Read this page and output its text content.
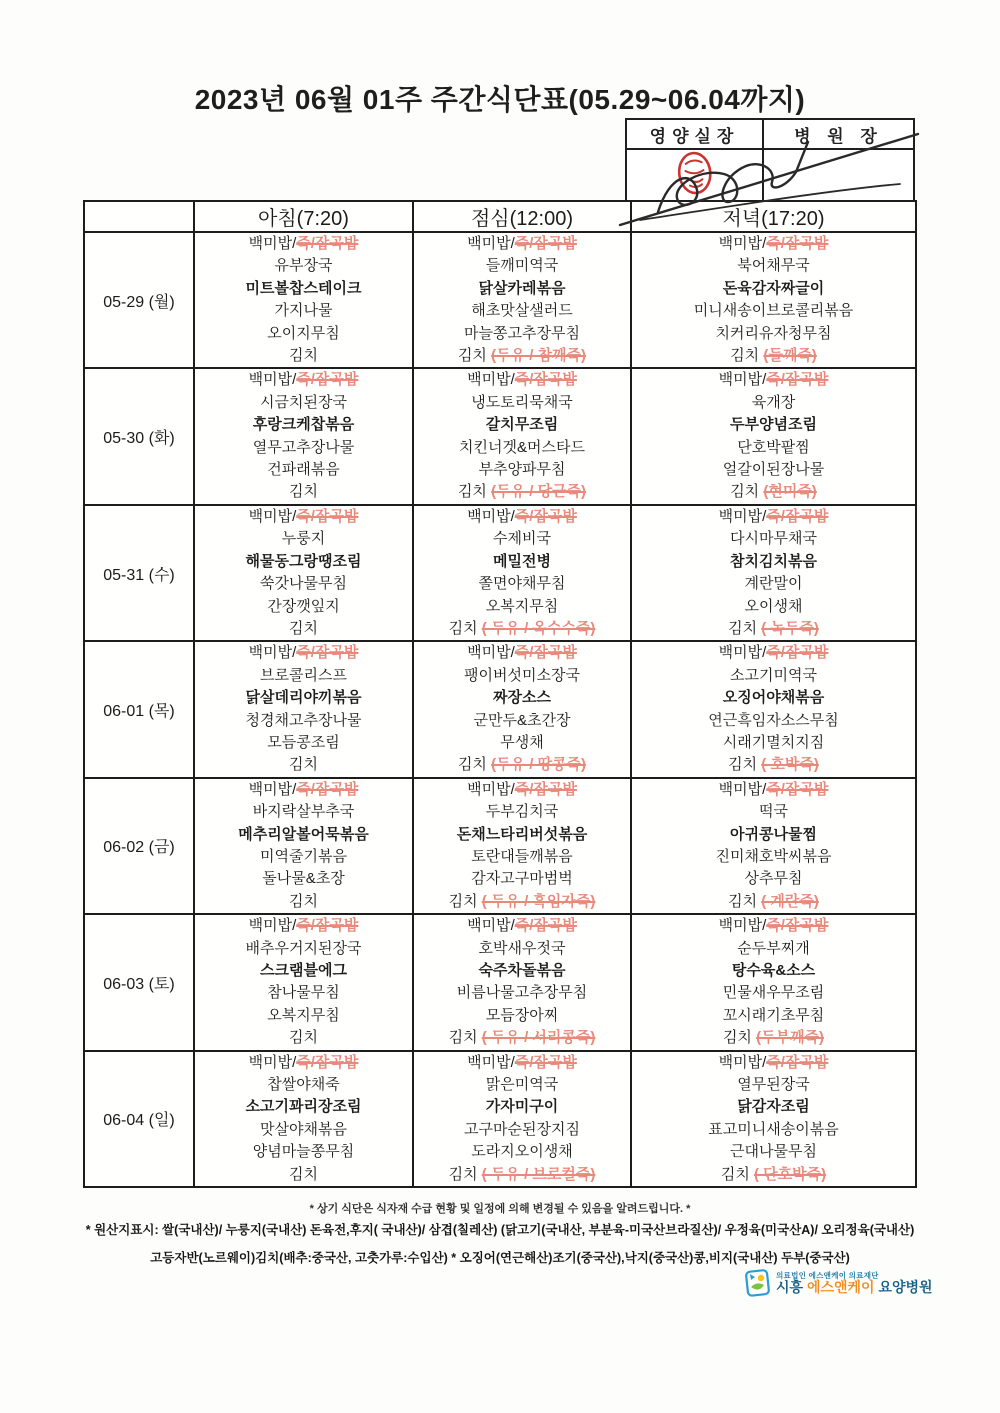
2023년 06월 01주 주간식단표(05.29~06.04까지)
영양실장	병 원 장

	아침(7:20)	점심(12:00)	저녁(17:20)
05-29 (월)	
백미밥/죽/잡곡밥
유부장국
미트볼찹스테이크
가지나물
오이지무침
김치

백미밥/죽/잡곡밥
들깨미역국
닭살카레볶음
해초맛살샐러드
마늘쫑고추장무침
김치 (두유 / 참깨죽)

백미밥/죽/잡곡밥
북어채무국
돈육감자짜글이
미니새송이브로콜리볶음
치커리유자청무침
김치 (들깨죽)

05-30 (화)	
백미밥/죽/잡곡밥
시금치된장국
후랑크케찹볶음
열무고추장나물
건파래볶음
김치

백미밥/죽/잡곡밥
냉도토리묵채국
갈치무조림
치킨너겟&머스타드
부추양파무침
김치 (두유 / 당근죽)

백미밥/죽/잡곡밥
육개장
두부양념조림
단호박팥찜
얼갈이된장나물
김치 (현미죽)

05-31 (수)	
백미밥/죽/잡곡밥
누룽지
해물동그랑땡조림
쑥갓나물무침
간장깻잎지
김치

백미밥/죽/잡곡밥
수제비국
메밀전병
쫄면야채무침
오복지무침
김치 ( 두유 / 옥수수죽)

백미밥/죽/잡곡밥
다시마무채국
참치김치볶음
계란말이
오이생채
김치 ( 녹두죽)

06-01 (목)	
백미밥/죽/잡곡밥
브로콜리스프
닭살데리야끼볶음
청경채고추장나물
모듬콩조림
김치

백미밥/죽/잡곡밥
팽이버섯미소장국
짜장소스
군만두&초간장
무생채
김치 (두유 / 땅콩죽)

백미밥/죽/잡곡밥
소고기미역국
오징어야채볶음
연근흑임자소스무침
시래기멸치지짐
김치 ( 호박죽)

06-02 (금)	
백미밥/죽/잡곡밥
바지락살부추국
메추리알볼어묵볶음
미역줄기볶음
돌나물&초장
김치

백미밥/죽/잡곡밥
두부김치국
돈채느타리버섯볶음
토란대들깨볶음
감자고구마범벅
김치 ( 두유 / 흑임자죽)

백미밥/죽/잡곡밥
떡국
아귀콩나물찜
진미채호박씨볶음
상추무침
김치 ( 계란죽)

06-03 (토)	
백미밥/죽/잡곡밥
배추우거지된장국
스크램블에그
참나물무침
오복지무침
김치

백미밥/죽/잡곡밥
호박새우젓국
숙주차돌볶음
비름나물고추장무침
모듬장아찌
김치 ( 두유 / 서리콩죽)

백미밥/죽/잡곡밥
순두부찌개
탕수육&소스
민물새우무조림
꼬시래기초무침
김치 (두부깨죽)

06-04 (일)	
백미밥/죽/잡곡밥
찹쌀야채죽
소고기꽈리장조림
맛살야채볶음
양념마늘쫑무침
김치

백미밥/죽/잡곡밥
맑은미역국
가자미구이
고구마순된장지짐
도라지오이생채
김치 ( 두유 / 브로컬죽)

백미밥/죽/잡곡밥
열무된장국
닭감자조림
표고미니새송이볶음
근대나물무침
김치 ( 단호박죽)
* 상기 식단은 식자재 수급 현황 및 일정에 의해 변경될 수 있음을 알려드립니다. *
* 원산지표시: 쌀(국내산)/ 누룽지(국내산) 돈육전,후지( 국내산)/ 삼겹(칠레산) (닭고기(국내산, 부분육-미국산브라질산)/ 우정육(미국산A)/ 오리정육(국내산)
고등자반(노르웨이)김치(배추:중국산, 고춧가루:수입산) * 오징어(연근해산)조기(중국산),낙지(중국산)콩,비지(국내산) 두부(중국산)
의료법인 에스앤케이 의료재단
시흥 에스앤케이 요양병원
